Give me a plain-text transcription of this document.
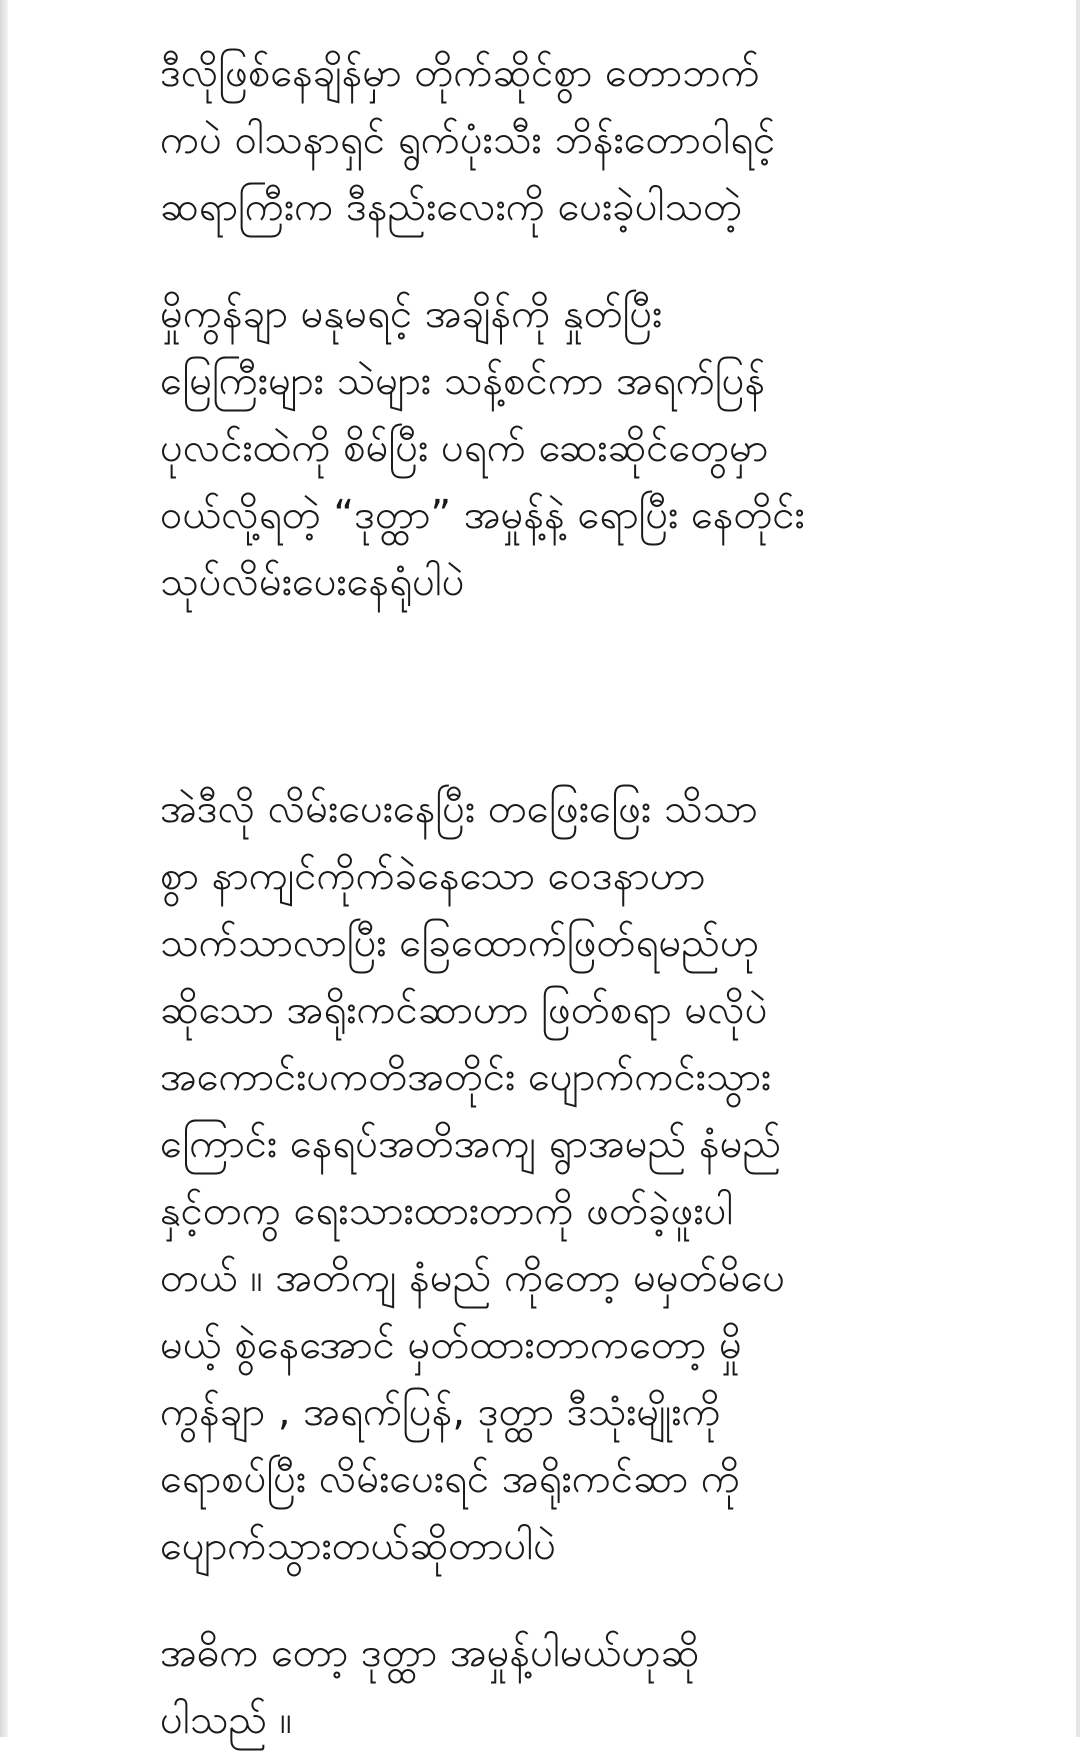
ဒီလိုဖြစ်နေချိန်မှာ တိုက်ဆိုင်စွာ တောဘက်
ကပဲ ဝါသနာရှင် ရွက်ပုံးသီး ဘိန်းတောဝါရင့်
ဆရာကြီးက ဒီနည်းလေးကို ပေးခဲ့ပါသတဲ့
မှိုကွန်ချာ မနုမရင့် အချိန်ကို နှုတ်ပြီး
မြေကြီးများ သဲများ သန့်စင်ကာ အရက်ပြန်
ပုလင်းထဲကို စိမ်ပြီး ပရက် ဆေးဆိုင်တွေမှာ
ဝယ်လို့ရတဲ့ “ဒုတ္ထာ” အမှုန့်နဲ့ ရောပြီး နေတိုင်း
သုပ်လိမ်းပေးနေရုံပါပဲ
အဲဒီလို လိမ်းပေးနေပြီး တဖြေးဖြေး သိသာ
စွာ နာကျင်ကိုက်ခဲနေသော ဝေဒနာဟာ
သက်သာလာပြီး ခြေထောက်ဖြတ်ရမည်ဟု
ဆိုသော အရိုးကင်ဆာဟာ ဖြတ်စရာ မလိုပဲ
အကောင်းပကတိအတိုင်း ပျောက်ကင်းသွား
ကြောင်း နေရပ်အတိအကျ ရွာအမည် နံမည်
နှင့်တကွ ရေးသားထားတာကို ဖတ်ခဲ့ဖူးပါ
တယ် ။ အတိကျ နံမည် ကိုတော့ မမှတ်မိပေ
မယ့် စွဲနေအောင် မှတ်ထားတာကတော့ မှို
ကွန်ချာ , အရက်ပြန်, ဒုတ္ထာ ဒီသုံးမျိုးကို
ရောစပ်ပြီး လိမ်းပေးရင် အရိုးကင်ဆာ ကို
ပျောက်သွားတယ်ဆိုတာပါပဲ
အဓိက တော့ ဒုတ္ထာ အမှုန့်ပါမယ်ဟုဆို
ပါသည် ။
